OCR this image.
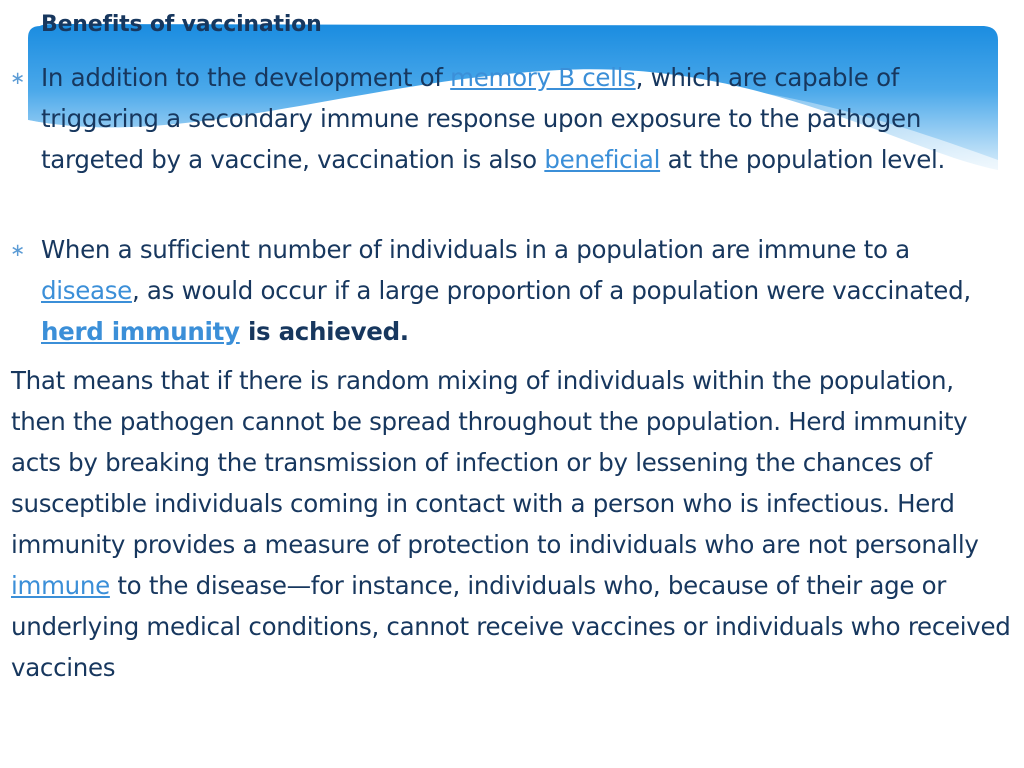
Benefits of vaccination
∗ In addition to the development of memory B cells, which are capable of triggering a secondary immune response upon exposure to the pathogen targeted by a vaccine, vaccination is also beneficial at the population level.
∗ When a sufficient number of individuals in a population are immune to a disease, as would occur if a large proportion of a population were vaccinated, herd immunity is achieved.
That means that if there is random mixing of individuals within the population, then the pathogen cannot be spread throughout the population. Herd immunity acts by breaking the transmission of infection or by lessening the chances of susceptible individuals coming in contact with a person who is infectious. Herd immunity provides a measure of protection to individuals who are not personally immune to the disease—for instance, individuals who, because of their age or underlying medical conditions, cannot receive vaccines or individuals who received vaccines
